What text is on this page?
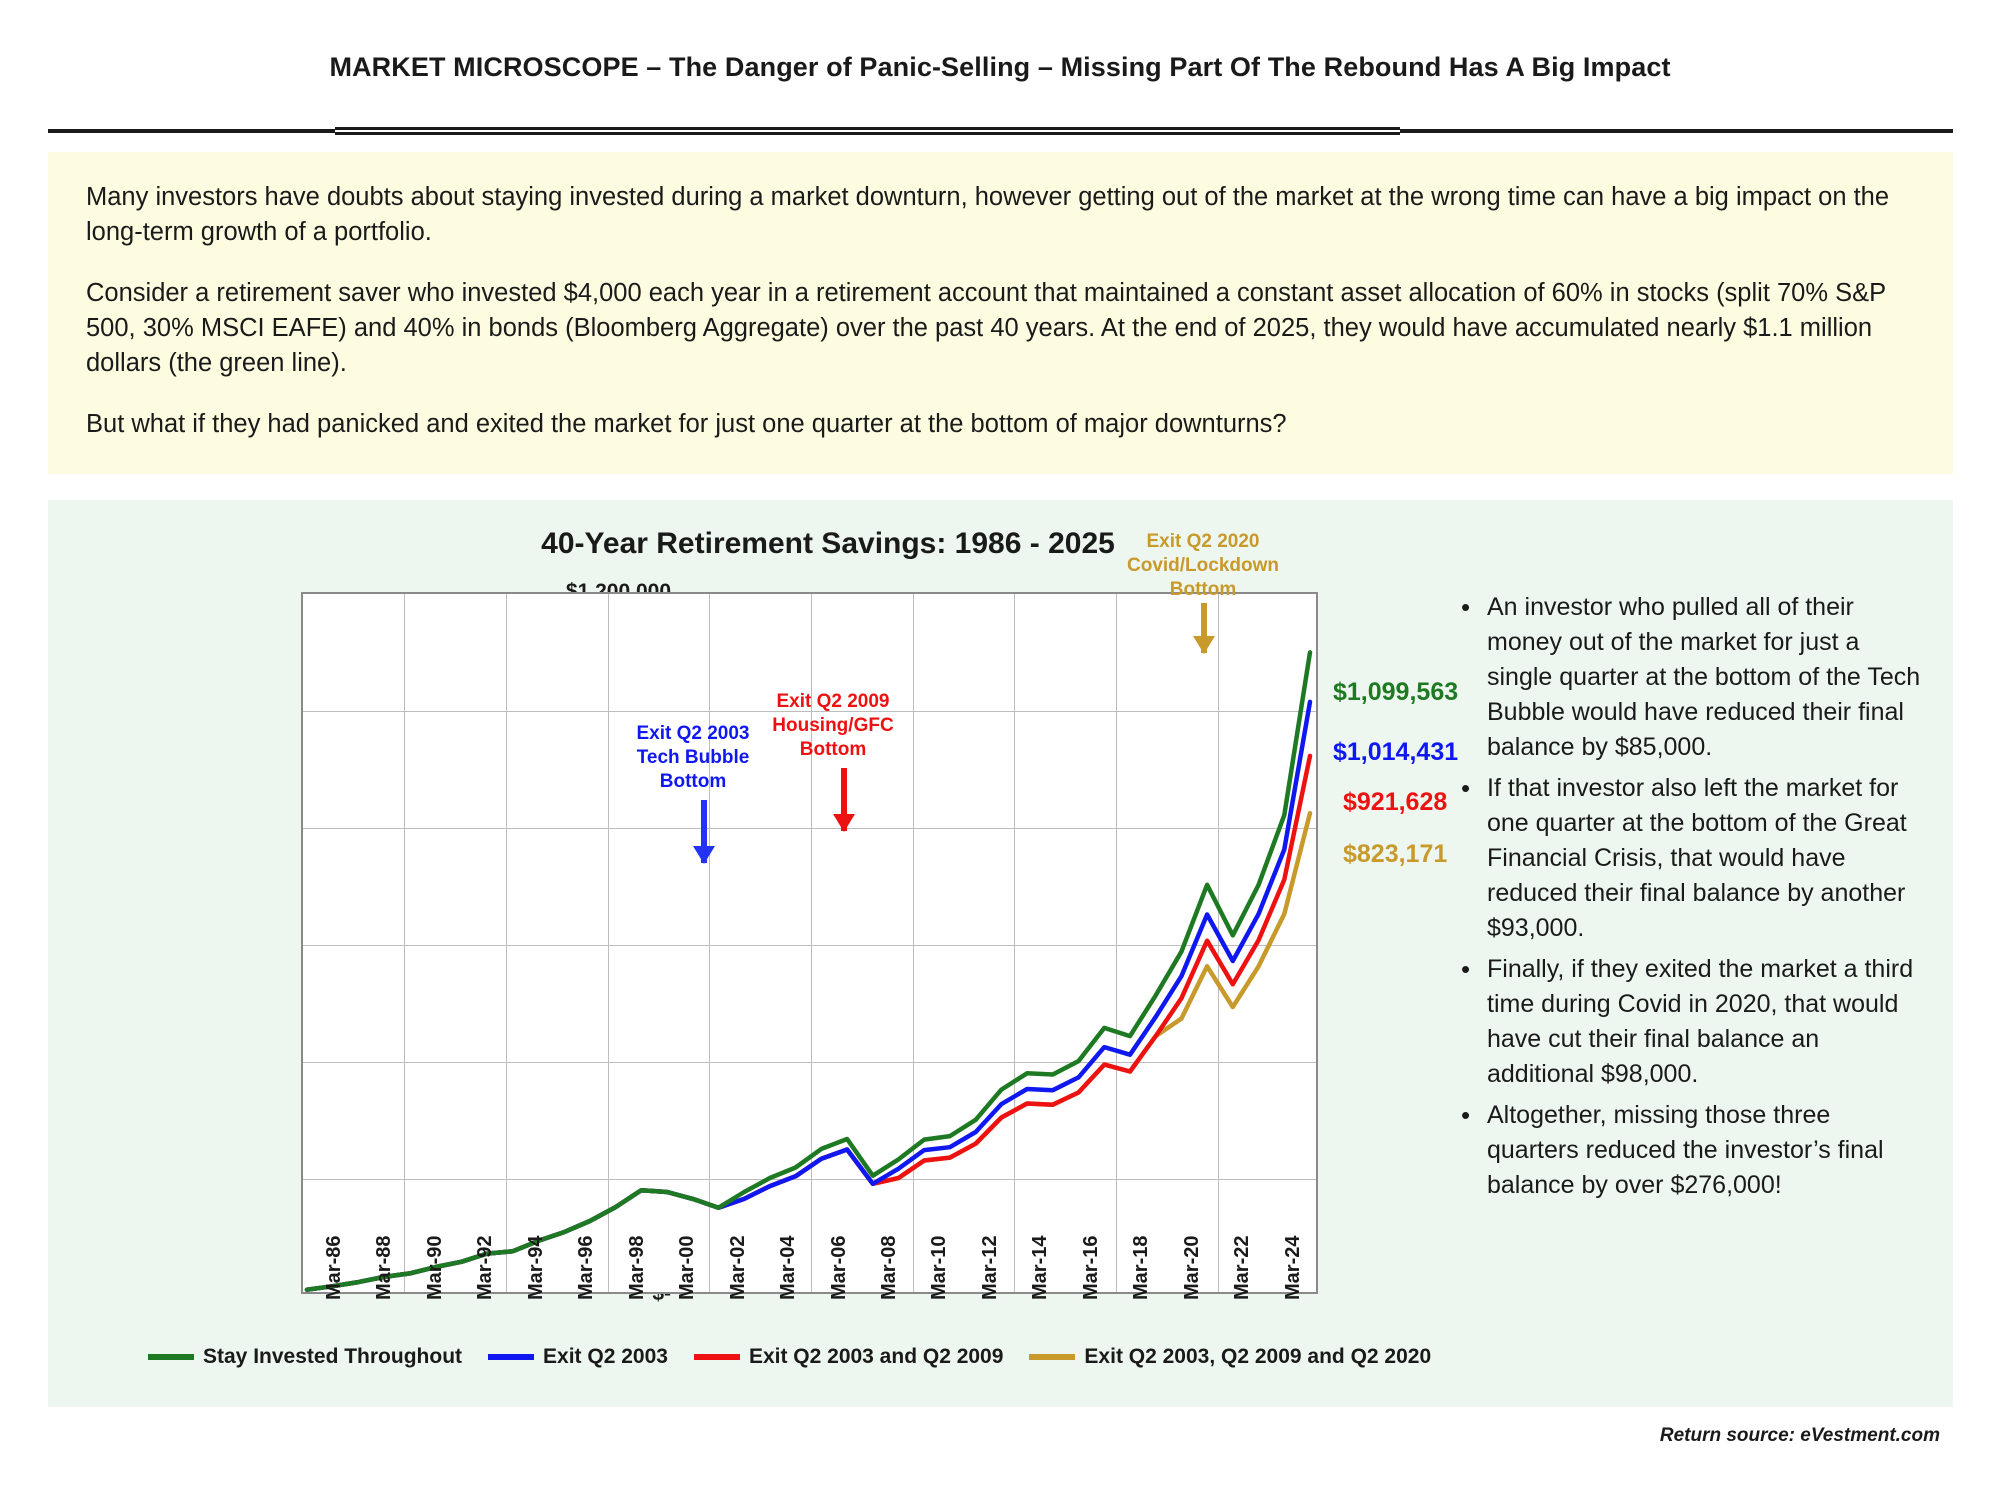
MARKET MICROSCOPE – The Danger of Panic-Selling – Missing Part Of The Rebound Has A Big Impact

Many investors have doubts about staying invested during a market downturn, however getting out of the market at the wrong time can have a big impact on the long-term growth of a portfolio.

Consider a retirement saver who invested $4,000 each year in a retirement account that maintained a constant asset allocation of 60% in stocks (split 70% S&P 500, 30% MSCI EAFE) and 40% in bonds (Bloomberg Aggregate) over the past 40 years. At the end of 2025, they would have accumulated nearly $1.1 million dollars (the green line).

But what if they had panicked and exited the market for just one quarter at the bottom of major downturns?

40-Year Retirement Savings: 1986 - 2025
Mar-86 Mar-88 Mar-90 Mar-92 Mar-94 Mar-96 Mar-98 Mar-00 Mar-02 Mar-04 Mar-06 Mar-08 Mar-10 Mar-12 Mar-14 Mar-16 Mar-18 Mar-20 Mar-22 Mar-24
$1,099,563
$1,014,431
$921,628
$823,171
Exit Q2 2003
Tech Bubble
Bottom
Exit Q2 2009
Housing/GFC
Bottom
Exit Q2 2020
Covid/Lockdown
Bottom
Stay Invested Throughout	Exit Q2 2003	Exit Q2 2003 and Q2 2009	Exit Q2 2003, Q2 2009 and Q2 2020
• An investor who pulled all of their money out of the market for just a single quarter at the bottom of the Tech Bubble would have reduced their final balance by $85,000.
• If that investor also left the market for one quarter at the bottom of the Great Financial Crisis, that would have reduced their final balance by another $93,000.
• Finally, if they exited the market a third time during Covid in 2020, that would have cut their final balance an additional $98,000.
• Altogether, missing those three quarters reduced the investor’s final balance by over $276,000!
Return source: eVestment.com
